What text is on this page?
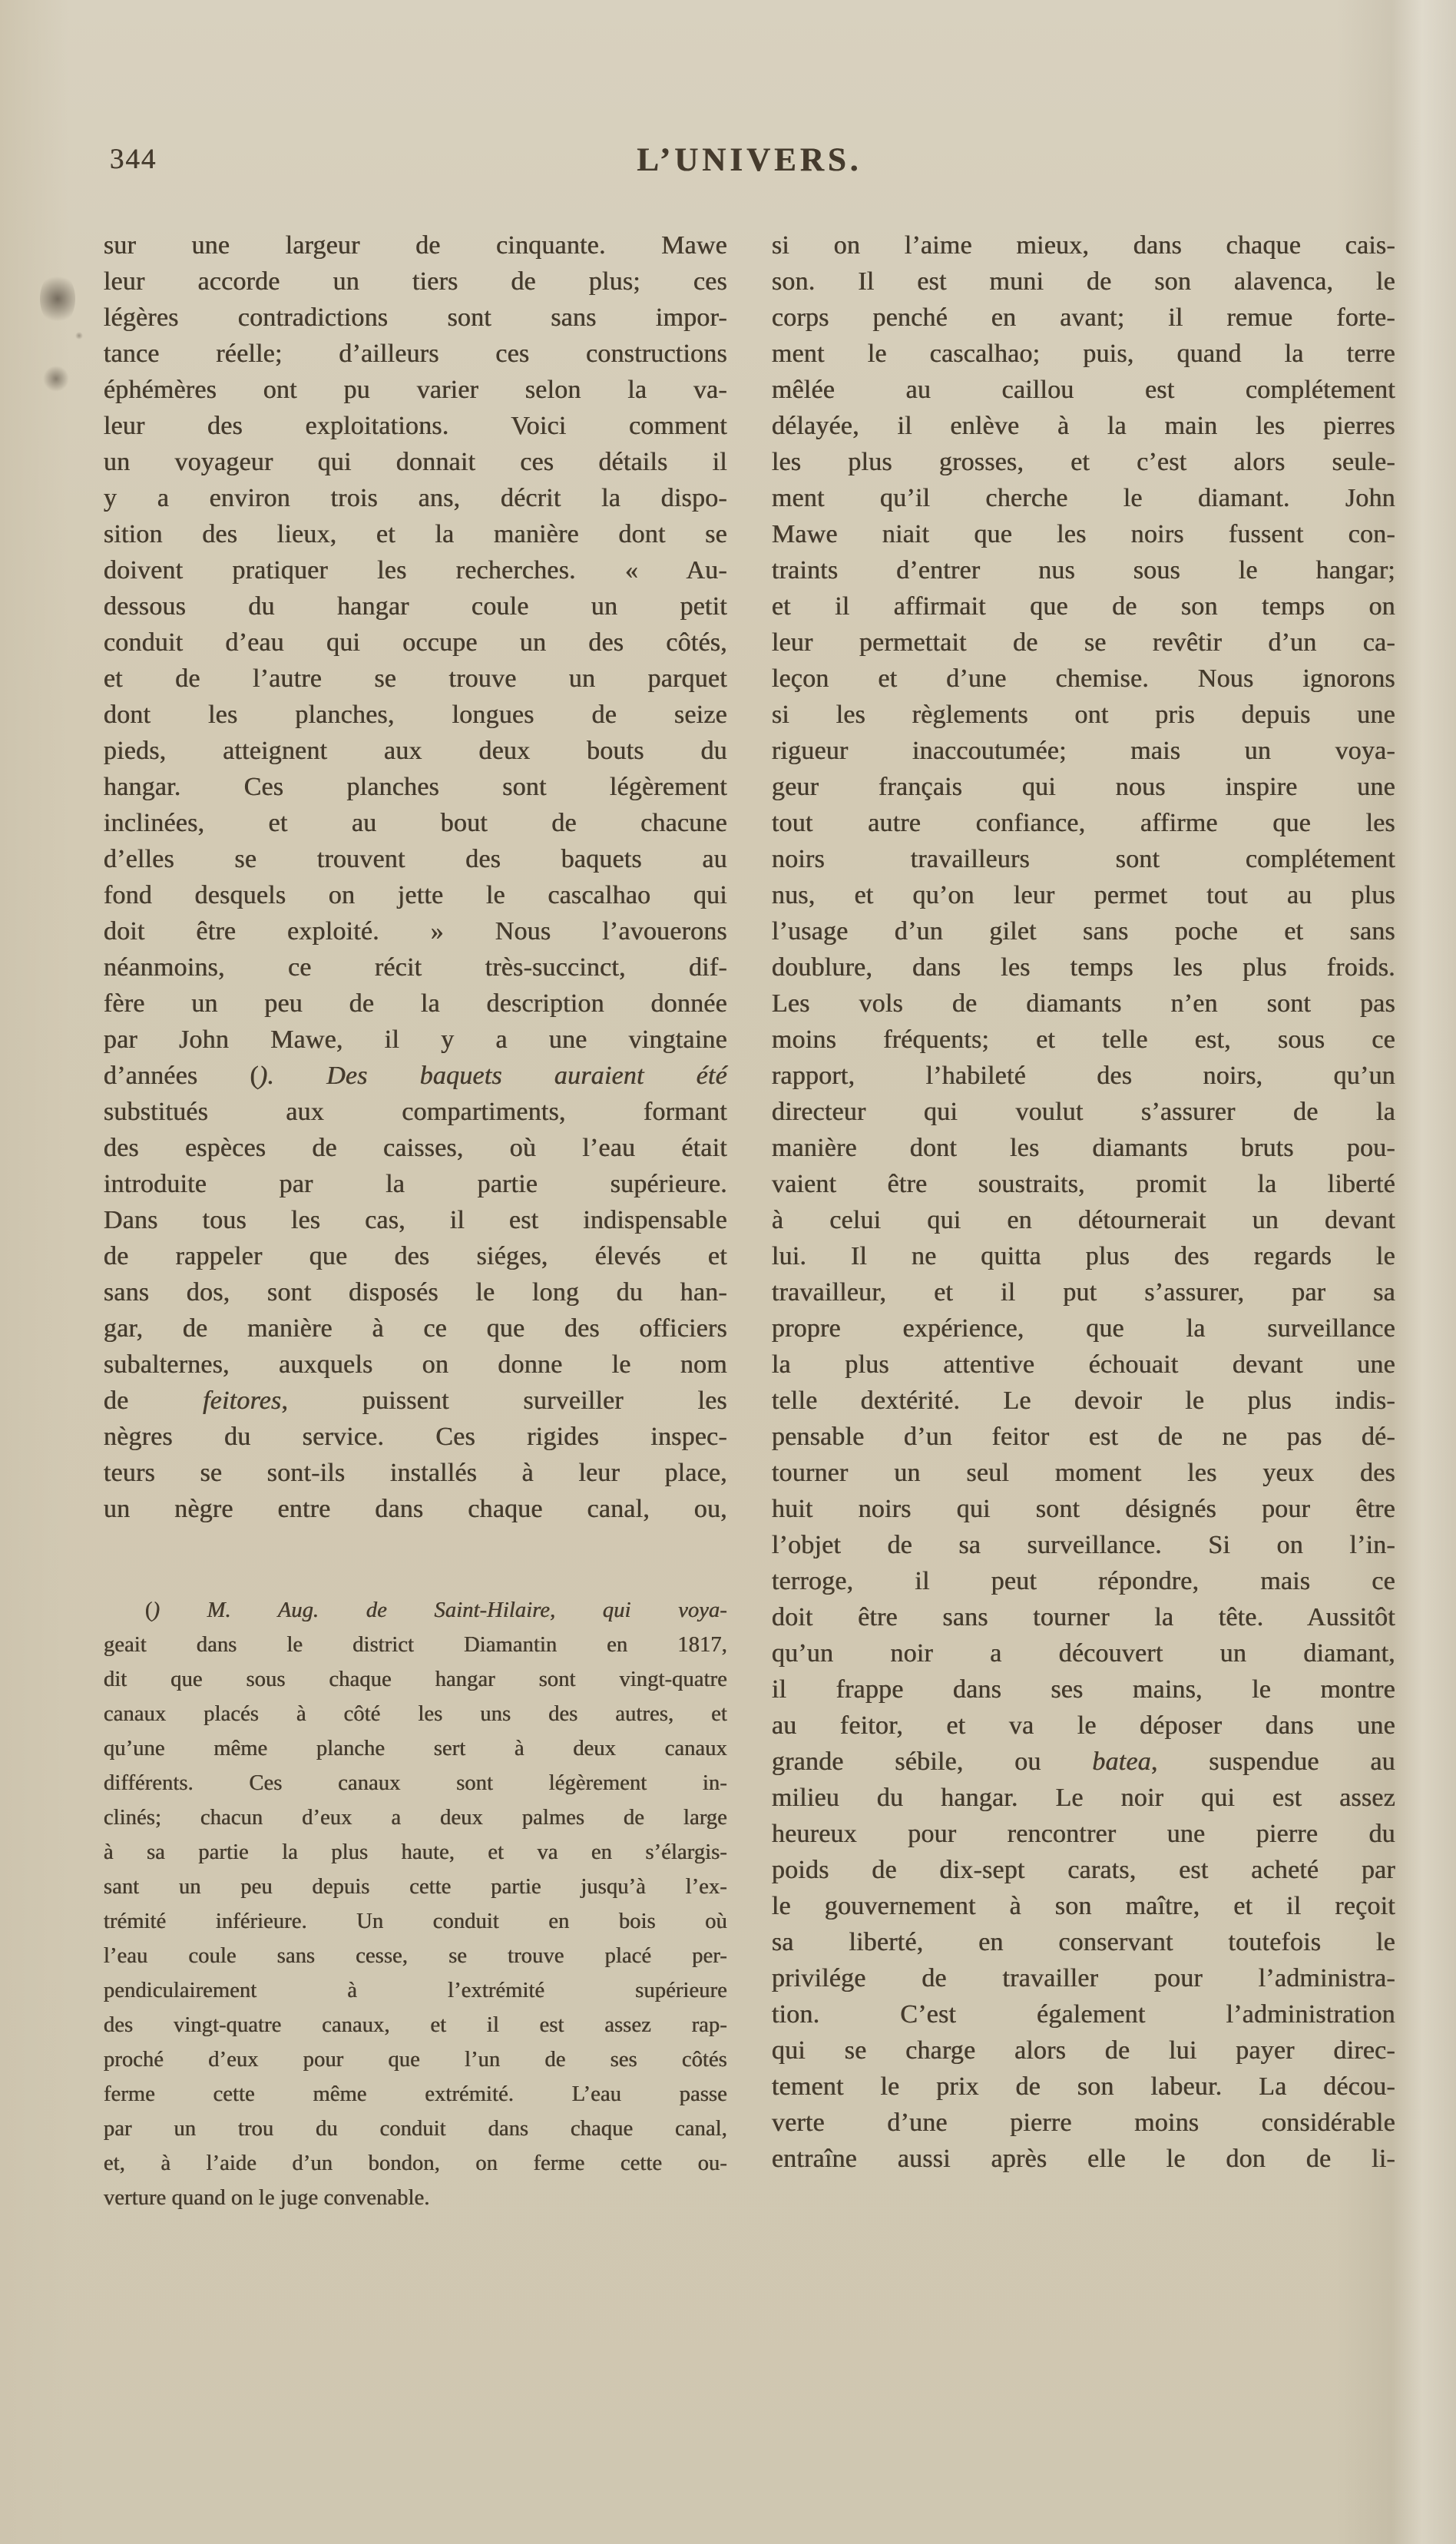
344	L’UNIVERS.
sur une largeur de cinquante. Mawe
leur accorde un tiers de plus; ces
légères contradictions sont sans impor-
tance réelle; d’ailleurs ces constructions
éphémères ont pu varier selon la va-
leur des exploitations. Voici comment
un voyageur qui donnait ces détails il
y a environ trois ans, décrit la dispo-
sition des lieux, et la manière dont se
doivent pratiquer les recherches. « Au-
dessous du hangar coule un petit
conduit d’eau qui occupe un des côtés,
et de l’autre se trouve un parquet
dont les planches, longues de seize
pieds, atteignent aux deux bouts du
hangar. Ces planches sont légèrement
inclinées, et au bout de chacune
d’elles se trouvent des baquets au
fond desquels on jette le cascalhao qui
doit être exploité. » Nous l’avouerons
néanmoins, ce récit très-succinct, dif-
fère un peu de la description donnée
par John Mawe, il y a une vingtaine
d’années (). Des baquets auraient été
substitués aux compartiments, formant
des espèces de caisses, où l’eau était
introduite par la partie supérieure.
Dans tous les cas, il est indispensable
de rappeler que des siéges, élevés et
sans dos, sont disposés le long du han-
gar, de manière à ce que des officiers
subalternes, auxquels on donne le nom
de feitores, puissent surveiller les
nègres du service. Ces rigides inspec-
teurs se sont-ils installés à leur place,
un nègre entre dans chaque canal, ou,
() M. Aug. de Saint-Hilaire, qui voya-
geait dans le district Diamantin en 1817,
dit que sous chaque hangar sont vingt-quatre
canaux placés à côté les uns des autres, et
qu’une même planche sert à deux canaux
différents. Ces canaux sont légèrement in-
clinés; chacun d’eux a deux palmes de large
à sa partie la plus haute, et va en s’élargis-
sant un peu depuis cette partie jusqu’à l’ex-
trémité inférieure. Un conduit en bois où
l’eau coule sans cesse, se trouve placé per-
pendiculairement à l’extrémité supérieure
des vingt-quatre canaux, et il est assez rap-
proché d’eux pour que l’un de ses côtés
ferme cette même extrémité. L’eau passe
par un trou du conduit dans chaque canal,
et, à l’aide d’un bondon, on ferme cette ou-
verture quand on le juge convenable.
si on l’aime mieux, dans chaque cais-
son. Il est muni de son alavenca, le
corps penché en avant; il remue forte-
ment le cascalhao; puis, quand la terre
mêlée au caillou est complétement
délayée, il enlève à la main les pierres
les plus grosses, et c’est alors seule-
ment qu’il cherche le diamant. John
Mawe niait que les noirs fussent con-
traints d’entrer nus sous le hangar;
et il affirmait que de son temps on
leur permettait de se revêtir d’un ca-
leçon et d’une chemise. Nous ignorons
si les règlements ont pris depuis une
rigueur inaccoutumée; mais un voya-
geur français qui nous inspire une
tout autre confiance, affirme que les
noirs travailleurs sont complétement
nus, et qu’on leur permet tout au plus
l’usage d’un gilet sans poche et sans
doublure, dans les temps les plus froids.
Les vols de diamants n’en sont pas
moins fréquents; et telle est, sous ce
rapport, l’habileté des noirs, qu’un
directeur qui voulut s’assurer de la
manière dont les diamants bruts pou-
vaient être soustraits, promit la liberté
à celui qui en détournerait un devant
lui. Il ne quitta plus des regards le
travailleur, et il put s’assurer, par sa
propre expérience, que la surveillance
la plus attentive échouait devant une
telle dextérité. Le devoir le plus indis-
pensable d’un feitor est de ne pas dé-
tourner un seul moment les yeux des
huit noirs qui sont désignés pour être
l’objet de sa surveillance. Si on l’in-
terroge, il peut répondre, mais ce
doit être sans tourner la tête. Aussitôt
qu’un noir a découvert un diamant,
il frappe dans ses mains, le montre
au feitor, et va le déposer dans une
grande sébile, ou batea, suspendue au
milieu du hangar. Le noir qui est assez
heureux pour rencontrer une pierre du
poids de dix-sept carats, est acheté par
le gouvernement à son maître, et il reçoit
sa liberté, en conservant toutefois le
privilége de travailler pour l’administra-
tion. C’est également l’administration
qui se charge alors de lui payer direc-
tement le prix de son labeur. La décou-
verte d’une pierre moins considérable
entraîne aussi après elle le don de li-
